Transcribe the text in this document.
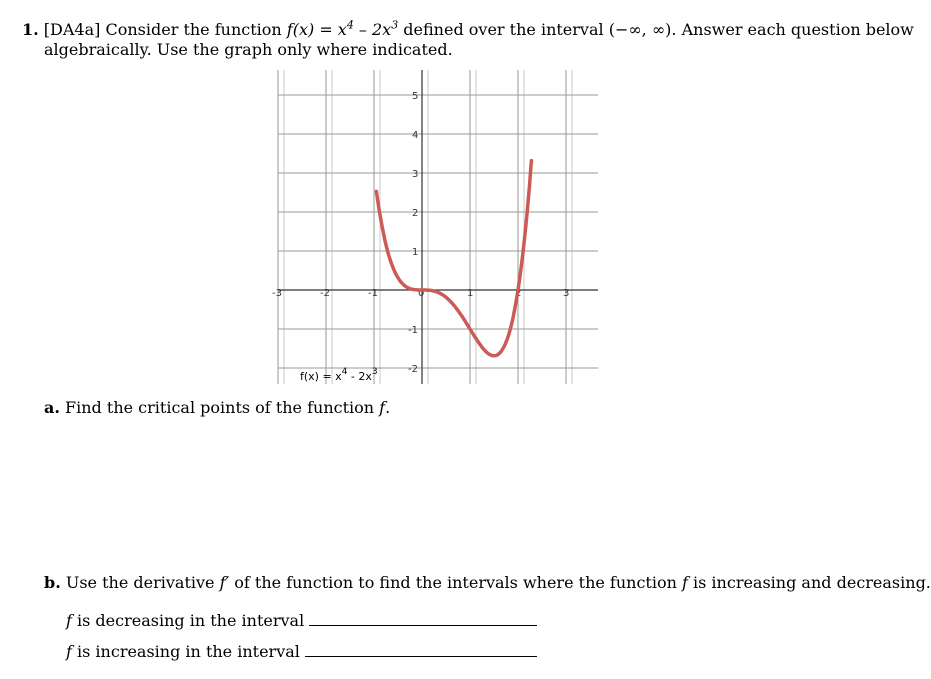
1. [DA4a] Consider the function $f(x) = x^4 - 2x^3$ defined over the interval (−∞, ∞). Answer each question below
algebraically. Use the graph only where indicated.
-3	-2	-1	0	1	2	3
5
4
3
2
1
-1
-2
$f(x) = x^4 - 2x^3$
a. Find the critical points of the function f.
b. Use the derivative f′ of the function to find the intervals where the function f is increasing and decreasing.
f is decreasing in the interval
f is increasing in the interval
